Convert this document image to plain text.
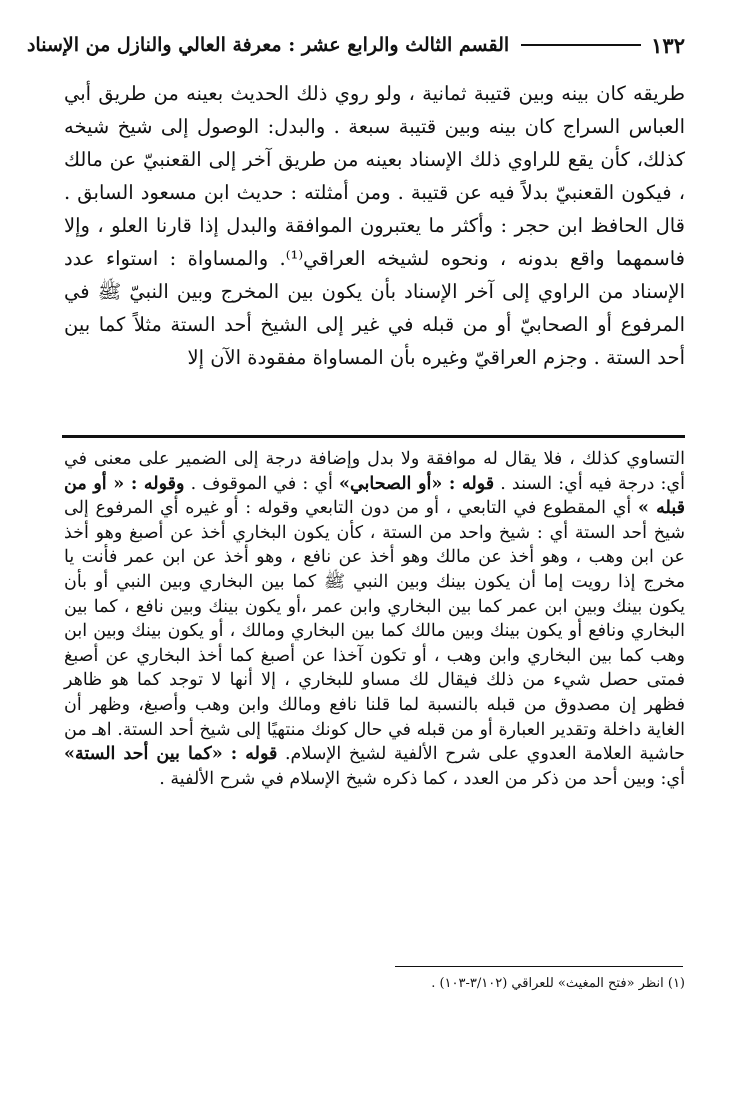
١٣٢
القسم الثالث والرابع عشر : معرفة العالي والنازل من الإسناد

طريقه كان بينه وبين قتيبة ثمانية ، ولو روي ذلك الحديث بعينه من طريق أبي العباس السراج كان بينه وبين قتيبة سبعة . والبدل: الوصول إلى شيخ شيخه كذلك، كأن يقع للراوي ذلك الإسناد بعينه من طريق آخر إلى القعنبيّ عن مالك ، فيكون القعنبيّ بدلاً فيه عن قتيبة . ومن أمثلته : حديث ابن مسعود السابق . قال الحافظ ابن حجر : وأكثر ما يعتبرون الموافقة والبدل إذا قارنا العلو ، وإلا فاسمهما واقع بدونه ، ونحوه لشيخه العراقي⁽¹⁾. والمساواة : استواء عدد الإسناد من الراوي إلى آخر الإسناد بأن يكون بين المخرج وبين النبيّ ﷺ في المرفوع أو الصحابيّ أو من قبله في غير إلى الشيخ أحد الستة مثلاً كما بين أحد الستة . وجزم العراقيّ وغيره بأن المساواة مفقودة الآن إلا

التساوي كذلك ، فلا يقال له موافقة ولا بدل وإضافة درجة إلى الضمير على معنى في أي: درجة فيه أي: السند . قوله : «أو الصحابي» أي : في الموقوف . وقوله : « أو من قبله » أي المقطوع في التابعي ، أو من دون التابعي وقوله : أو غيره أي المرفوع إلى شيخ أحد الستة أي : شيخ واحد من الستة ، كأن يكون البخاري أخذ عن أصبغ وهو أخذ عن ابن وهب ، وهو أخذ عن مالك وهو أخذ عن نافع ، وهو أخذ عن ابن عمر فأنت يا مخرج إذا رويت إما أن يكون بينك وبين النبي ﷺ كما بين البخاري وبين النبي أو بأن يكون بينك وبين ابن عمر كما بين البخاري وابن عمر ،أو يكون بينك وبين نافع ، كما بين البخاري ونافع أو يكون بينك وبين مالك كما بين البخاري ومالك ، أو يكون بينك وبين ابن وهب كما بين البخاري وابن وهب ، أو تكون آخذا عن أصبغ كما أخذ البخاري عن أصبغ فمتى حصل شيء من ذلك فيقال لك مساو للبخاري ، إلا أنها لا توجد كما هو ظاهر فظهر إن مصدوق من قبله بالنسبة لما قلنا نافع ومالك وابن وهب وأصبغ، وظهر أن الغاية داخلة وتقدير العبارة أو من قبله في حال كونك منتهيًا إلى شيخ أحد الستة. اهـ من حاشية العلامة العدوي على شرح الألفية لشيخ الإسلام. قوله : «كما بين أحد الستة» أي: وبين أحد من ذكر من العدد ، كما ذكره شيخ الإسلام في شرح الألفية .

(١) انظر «فتح المغيث» للعراقي (٣/١٠٢-١٠٣) .
